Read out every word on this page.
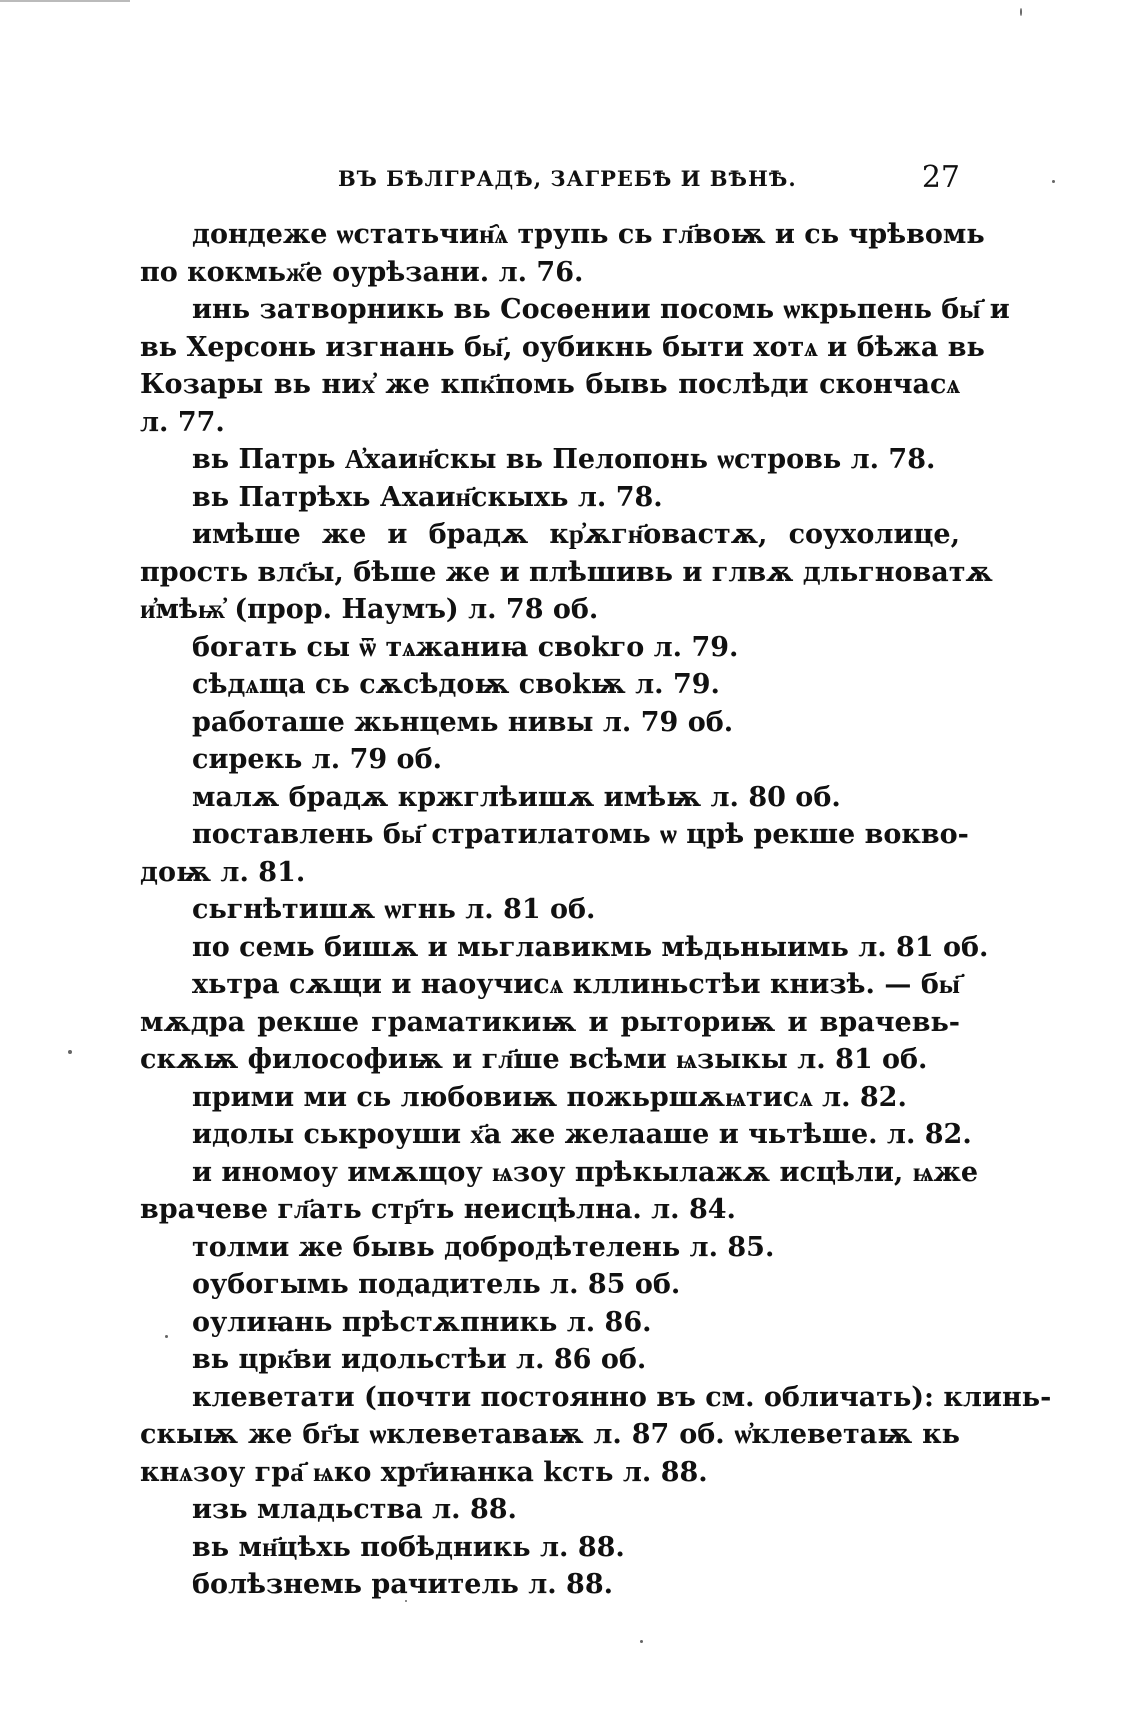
ВЪ БѢЛГРАДѢ, ЗАГРЕБѢ И ВѢНѢ.	27
дондеже ѡстатьчин҄ѧ трупь сь гл҃воѭ и сь чрѣвомь
по кокмьж҃е оурѣзани. л. 76.
инь затворникь вь Сосѳении посомь ѡкрьпень бы҃ и
вь Херсонь изгнань бы҃, оубикнь быти хотѧ и бѣжа вь
Козары вь них҆ же кпк҃помь бывь послѣди скончасѧ
л. 77.
вь Патрь А҆хаин҃скы вь Пелопонь ѡстровь л. 78.
вь Патрѣхь Ахаин҃скыхь л. 78.
имѣше же и брадѫ кр҆ѫгн҃овастѫ, соухолице,
прость влс҃ы, бѣше же и плѣшивь и глвѫ дльгноватѫ
и҆мѣѭ҆ (прор. Наумъ) л. 78 об.
богать сы ѿ тѧжаниꙗ своkго л. 79.
сѣдѧща сь сѫсѣдоѭ своkѭ л. 79.
работаше жьнцемь нивы л. 79 об.
сирекь л. 79 об.
малѫ брадѫ кржглѣишѫ имѣѭ л. 80 об.
поставлень бы҃ стратилатомь ѡ црѣ рекше вокво-
доѭ л. 81.
сьгнѣтишѫ ѡгнь л. 81 об.
по семь бишѫ и мьглавикмь мѣдьныимь л. 81 об.
хьтра сѫщи и наоучисѧ кллиньстѣи книзѣ. — бы҃
мѫдра рекше граматикиѭ и рыториѭ и врачевь-
скѫѭ философиѭ и гл҃ше всѣми ѩзыкы л. 81 об.
прими ми сь любовиѭ пожьршѫѩтисѧ л. 82.
идолы ськроуши х҃а же желааше и чьтѣше. л. 82.
и иномоу имѫщоу ѩзоу прѣкылажѫ исцѣли, ѩже
врачеве гл҃ать стр҃ть неисцѣлна. л. 84.
толми же бывь добродѣтелень л. 85.
оубогымь подадитель л. 85 об.
оулиꙗнь прѣстѫпникь л. 86.
вь црк҃ви идольстѣи л. 86 об.
клеветати (почти постоянно въ см. обличать): клинь-
скыѭ же бг҃ы ѡклеветаваѭ л. 87 об. ѡ҆клеветаѭ кь
кнѧзоу гра҃ ѩко хрт҃иꙗнка kсть л. 88.
изь младьства л. 88.
вь мн҃цѣхь побѣдникь л. 88.
болѣзнемь рачитель л. 88.
